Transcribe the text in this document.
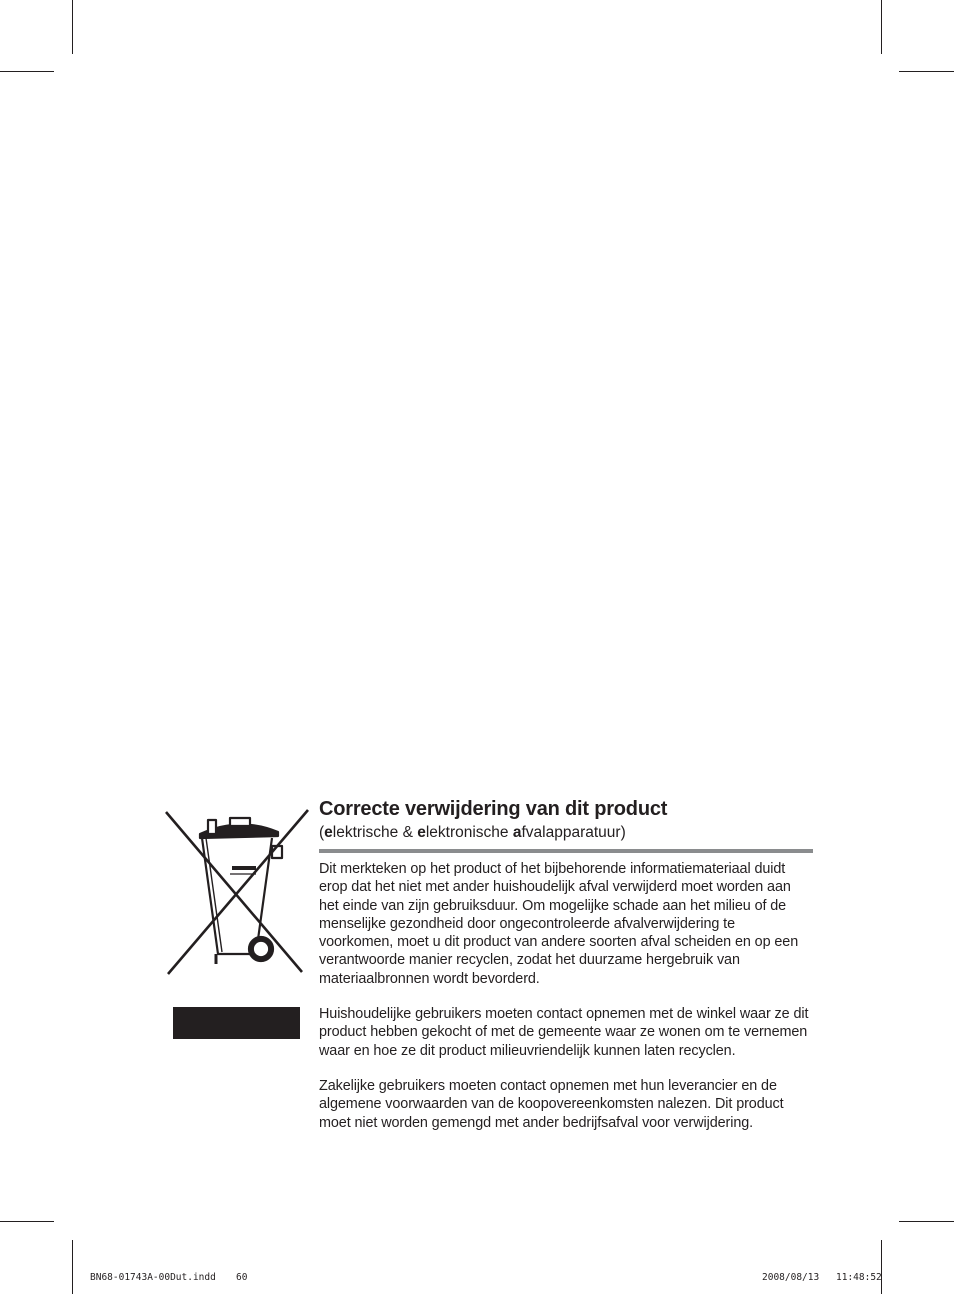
Correcte verwijdering van dit product
(elektrische & elektronische afvalapparatuur)

Dit merkteken op het product of het bijbehorende informatiemateriaal duidt erop dat het niet met ander huishoudelijk afval verwijderd moet worden aan het einde van zijn gebruiksduur. Om mogelijke schade aan het milieu of de menselijke gezondheid door ongecontroleerde afvalverwijdering te voorkomen, moet u dit product van andere soorten afval scheiden en op een verantwoorde manier recyclen, zodat het duurzame hergebruik van materiaalbronnen wordt bevorderd.

Huishoudelijke gebruikers moeten contact opnemen met de winkel waar ze dit product hebben gekocht of met de gemeente waar ze wonen om te vernemen waar en hoe ze dit product milieuvriendelijk kunnen laten recyclen.

Zakelijke gebruikers moeten contact opnemen met hun leverancier en de algemene voorwaarden van de koopovereenkomsten nalezen. Dit product moet niet worden gemengd met ander bedrijfsafval voor verwijdering.

BN68-01743A-00Dut.indd 60	2008/08/13 11:48:52
